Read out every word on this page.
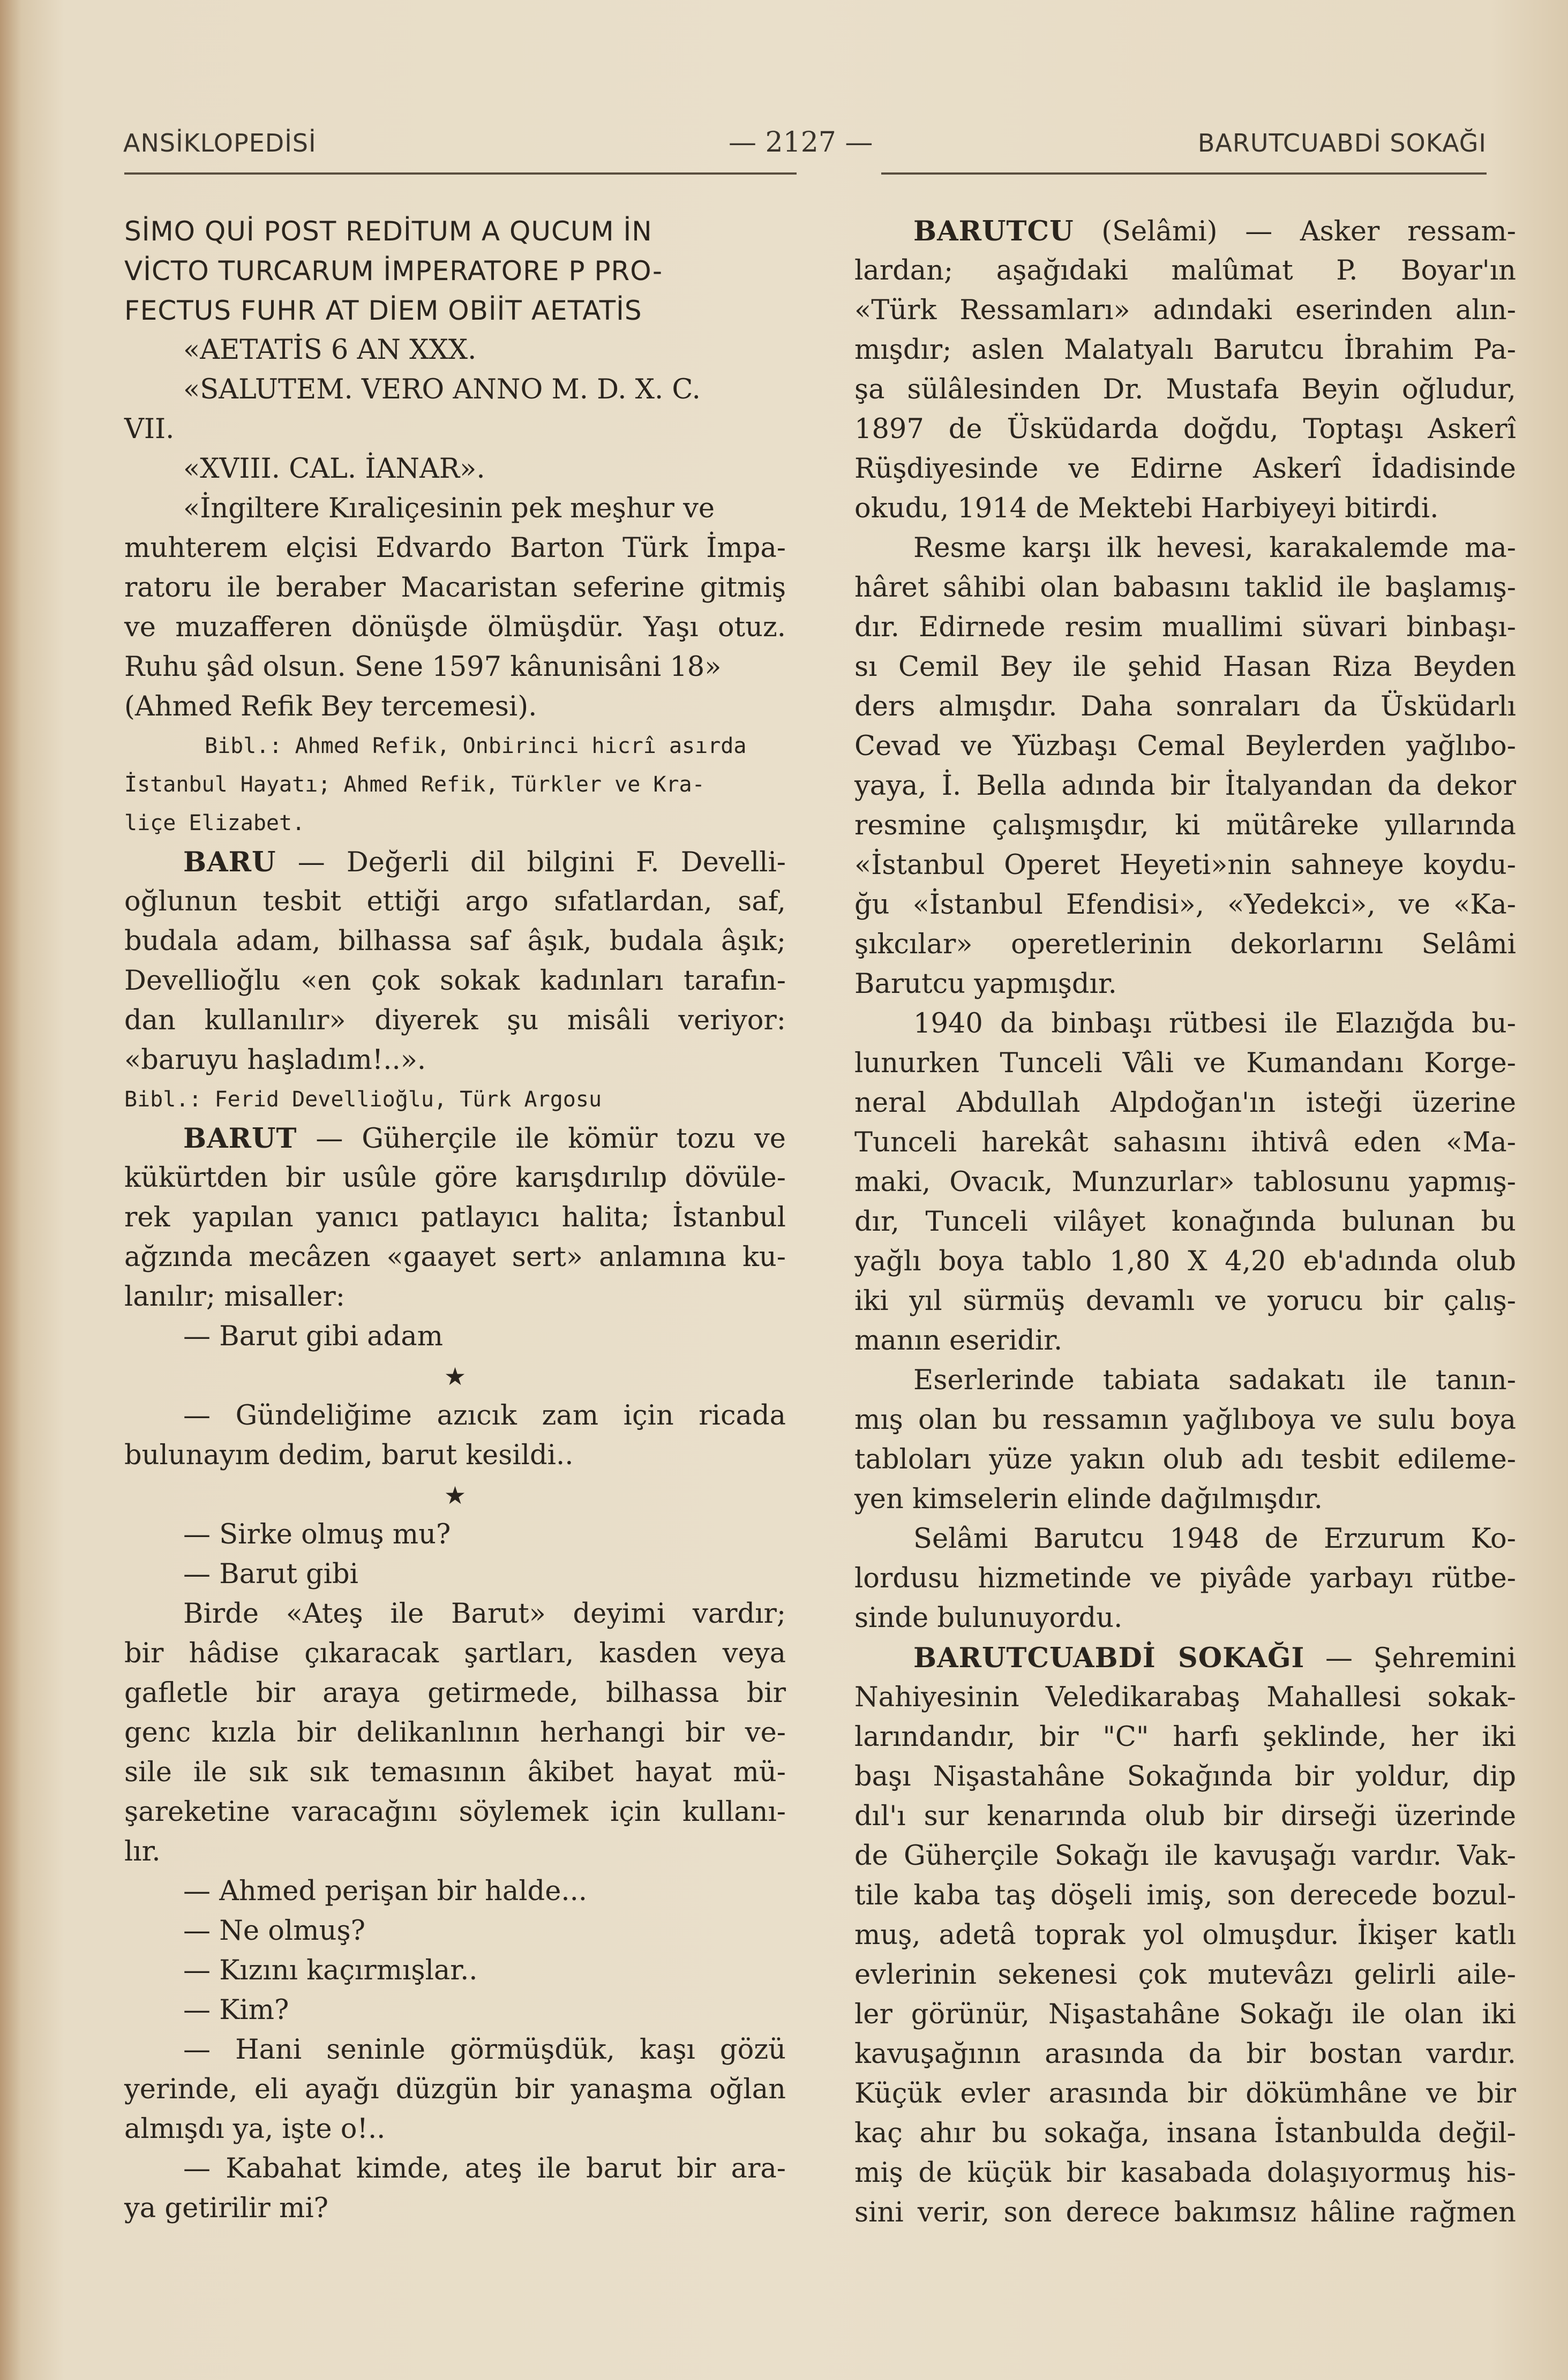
ANSİKLOPEDİSİ	— 2127 —	BARUTCUABDİ SOKAĞI
SİMO QUİ POST REDİTUM A QUCUM İN
VİCTO TURCARUM İMPERATORE P PRO-
FECTUS FUHR AT DİEM OBİİT AETATİS
«AETATİS 6 AN XXX.
«SALUTEM. VERO ANNO M. D. X. C.
VII.
«XVIII. CAL. İANAR».
«İngiltere Kıraliçesinin pek meşhur ve
muhterem elçisi Edvardo Barton Türk İmpa-
ratoru ile beraber Macaristan seferine gitmiş
ve muzafferen dönüşde ölmüşdür. Yaşı otuz.
Ruhu şâd olsun. Sene 1597 kânunisâni 18»
(Ahmed Refik Bey tercemesi).
Bibl.: Ahmed Refik, Onbirinci hicrî asırda
İstanbul Hayatı; Ahmed Refik, Türkler ve Kra-
liçe Elizabet.
BARU — Değerli dil bilgini F. Develli-
oğlunun tesbit ettiği argo sıfatlardan, saf,
budala adam, bilhassa saf âşık, budala âşık;
Devellioğlu «en çok sokak kadınları tarafın-
dan kullanılır» diyerek şu misâli veriyor:
«baruyu haşladım!..».
Bibl.: Ferid Devellioğlu, Türk Argosu
BARUT — Güherçile ile kömür tozu ve
kükürtden bir usûle göre karışdırılıp dövüle-
rek yapılan yanıcı patlayıcı halita; İstanbul
ağzında mecâzen «gaayet sert» anlamına ku-
lanılır; misaller:
— Barut gibi adam
★
— Gündeliğime azıcık zam için ricada
bulunayım dedim, barut kesildi..
★
— Sirke olmuş mu?
— Barut gibi
Birde «Ateş ile Barut» deyimi vardır;
bir hâdise çıkaracak şartları, kasden veya
gafletle bir araya getirmede, bilhassa bir
genc kızla bir delikanlının herhangi bir ve-
sile ile sık sık temasının âkibet hayat mü-
şareketine varacağını söylemek için kullanı-
lır.
— Ahmed perişan bir halde...
— Ne olmuş?
— Kızını kaçırmışlar..
— Kim?
— Hani seninle görmüşdük, kaşı gözü
yerinde, eli ayağı düzgün bir yanaşma oğlan
almışdı ya, işte o!..
— Kabahat kimde, ateş ile barut bir ara-
ya getirilir mi?
BARUTCU (Selâmi) — Asker ressam-
lardan; aşağıdaki malûmat P. Boyar'ın
«Türk Ressamları» adındaki eserinden alın-
mışdır; aslen Malatyalı Barutcu İbrahim Pa-
şa sülâlesinden Dr. Mustafa Beyin oğludur,
1897 de Üsküdarda doğdu, Toptaşı Askerî
Rüşdiyesinde ve Edirne Askerî İdadisinde
okudu, 1914 de Mektebi Harbiyeyi bitirdi.
Resme karşı ilk hevesi, karakalemde ma-
hâret sâhibi olan babasını taklid ile başlamış-
dır. Edirnede resim muallimi süvari binbaşı-
sı Cemil Bey ile şehid Hasan Riza Beyden
ders almışdır. Daha sonraları da Üsküdarlı
Cevad ve Yüzbaşı Cemal Beylerden yağlıbo-
yaya, İ. Bella adında bir İtalyandan da dekor
resmine çalışmışdır, ki mütâreke yıllarında
«İstanbul Operet Heyeti»nin sahneye koydu-
ğu «İstanbul Efendisi», «Yedekci», ve «Ka-
şıkcılar» operetlerinin dekorlarını Selâmi
Barutcu yapmışdır.
1940 da binbaşı rütbesi ile Elazığda bu-
lunurken Tunceli Vâli ve Kumandanı Korge-
neral Abdullah Alpdoğan'ın isteği üzerine
Tunceli harekât sahasını ihtivâ eden «Ma-
maki, Ovacık, Munzurlar» tablosunu yapmış-
dır, Tunceli vilâyet konağında bulunan bu
yağlı boya tablo 1,80 X 4,20 eb'adında olub
iki yıl sürmüş devamlı ve yorucu bir çalış-
manın eseridir.
Eserlerinde tabiata sadakatı ile tanın-
mış olan bu ressamın yağlıboya ve sulu boya
tabloları yüze yakın olub adı tesbit edileme-
yen kimselerin elinde dağılmışdır.
Selâmi Barutcu 1948 de Erzurum Ko-
lordusu hizmetinde ve piyâde yarbayı rütbe-
sinde bulunuyordu.
BARUTCUABDİ SOKAĞI — Şehremini
Nahiyesinin Veledikarabaş Mahallesi sokak-
larındandır, bir "C" harfı şeklinde, her iki
başı Nişastahâne Sokağında bir yoldur, dip
dıl'ı sur kenarında olub bir dirseği üzerinde
de Güherçile Sokağı ile kavuşağı vardır. Vak-
tile kaba taş döşeli imiş, son derecede bozul-
muş, adetâ toprak yol olmuşdur. İkişer katlı
evlerinin sekenesi çok mutevâzı gelirli aile-
ler görünür, Nişastahâne Sokağı ile olan iki
kavuşağının arasında da bir bostan vardır.
Küçük evler arasında bir dökümhâne ve bir
kaç ahır bu sokağa, insana İstanbulda değil-
miş de küçük bir kasabada dolaşıyormuş his-
sini verir, son derece bakımsız hâline rağmen
